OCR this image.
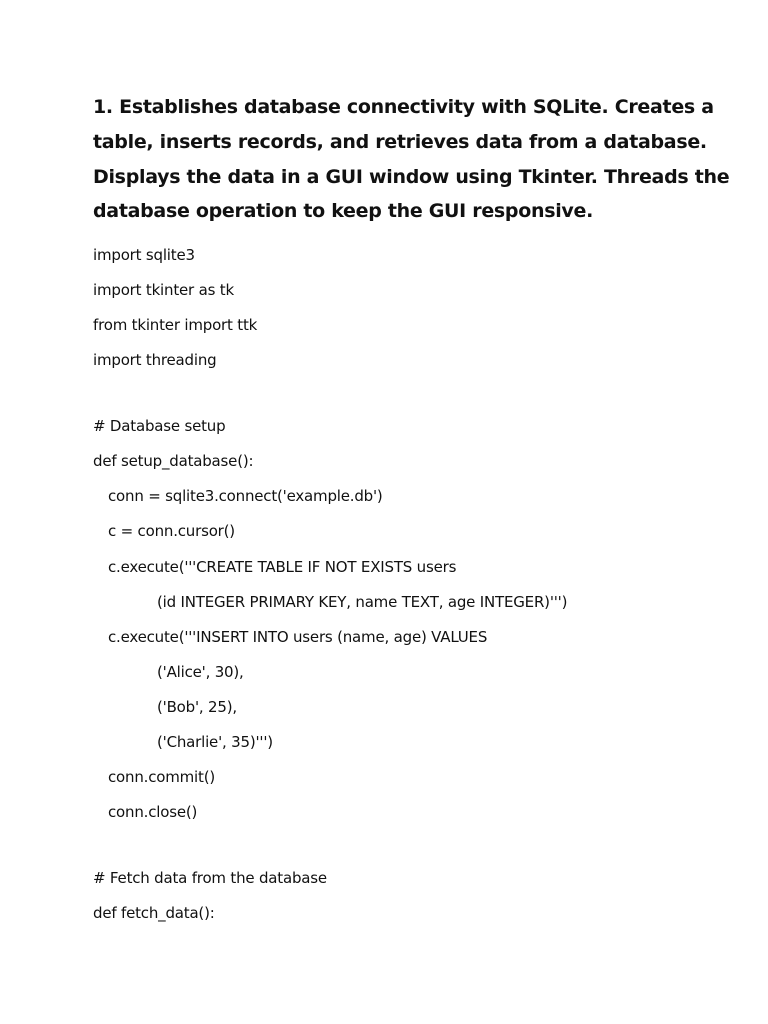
1. Establishes database connectivity with SQLite. Creates a
table, inserts records, and retrieves data from a database.
Displays the data in a GUI window using Tkinter. Threads the
database operation to keep the GUI responsive.
import sqlite3
import tkinter as tk
from tkinter import ttk
import threading
# Database setup
def setup_database():
conn = sqlite3.connect('example.db')
c = conn.cursor()
c.execute('''CREATE TABLE IF NOT EXISTS users
(id INTEGER PRIMARY KEY, name TEXT, age INTEGER)''')
c.execute('''INSERT INTO users (name, age) VALUES
('Alice', 30),
('Bob', 25),
('Charlie', 35)''')
conn.commit()
conn.close()
# Fetch data from the database
def fetch_data():
